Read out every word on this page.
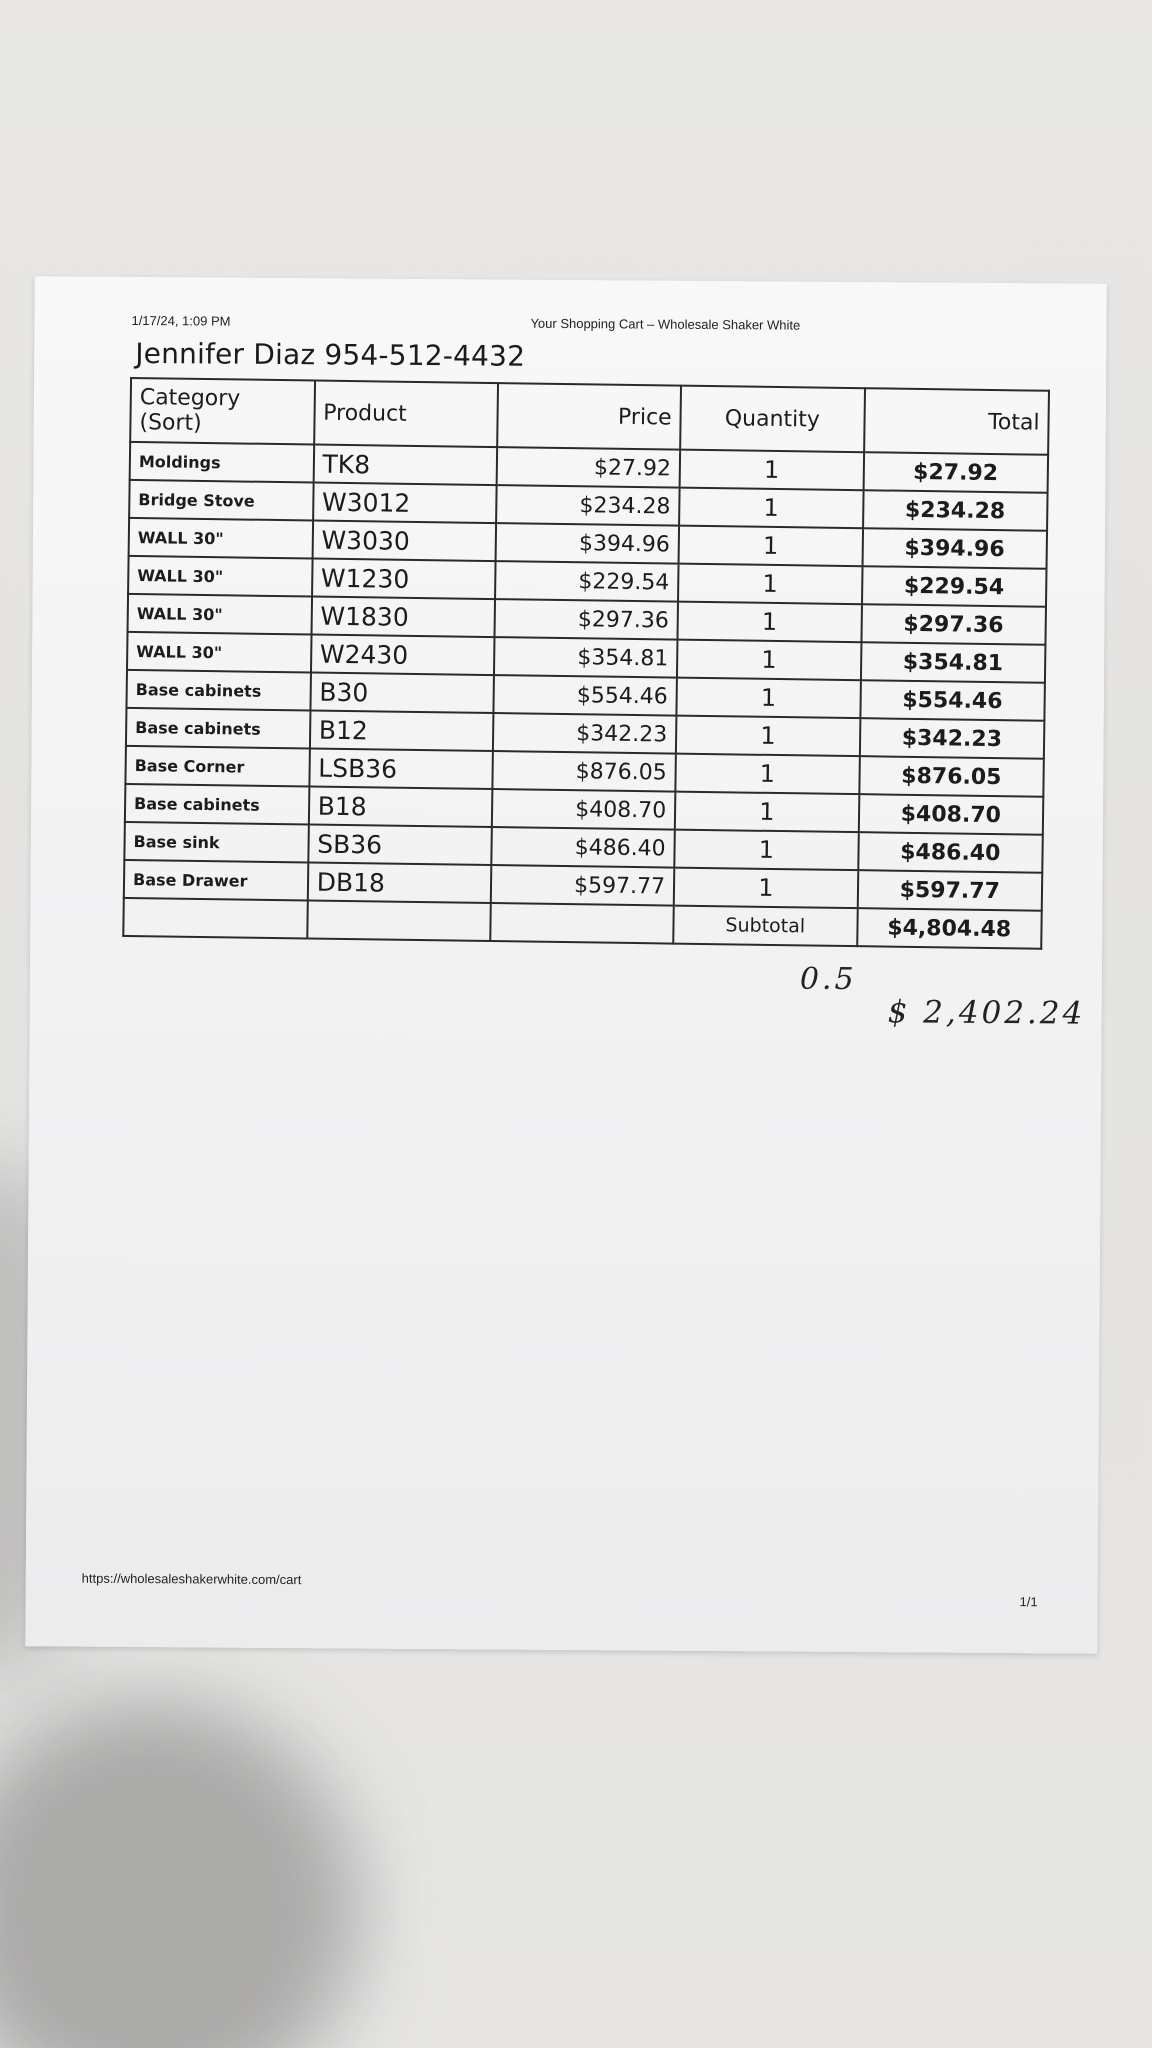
1/17/24, 1:09 PM	Your Shopping Cart – Wholesale Shaker White
Jennifer Diaz 954-512-4432
Category (Sort)	Product	Price	Quantity	Total
Moldings	TK8	$27.92	1	$27.92
Bridge Stove	W3012	$234.28	1	$234.28
WALL 30"	W3030	$394.96	1	$394.96
WALL 30"	W1230	$229.54	1	$229.54
WALL 30"	W1830	$297.36	1	$297.36
WALL 30"	W2430	$354.81	1	$354.81
Base cabinets	B30	$554.46	1	$554.46
Base cabinets	B12	$342.23	1	$342.23
Base Corner	LSB36	$876.05	1	$876.05
Base cabinets	B18	$408.70	1	$408.70
Base sink	SB36	$486.40	1	$486.40
Base Drawer	DB18	$597.77	1	$597.77
			Subtotal	$4,804.48
0.5
$ 2,402.24
https://wholesaleshakerwhite.com/cart
1/1
